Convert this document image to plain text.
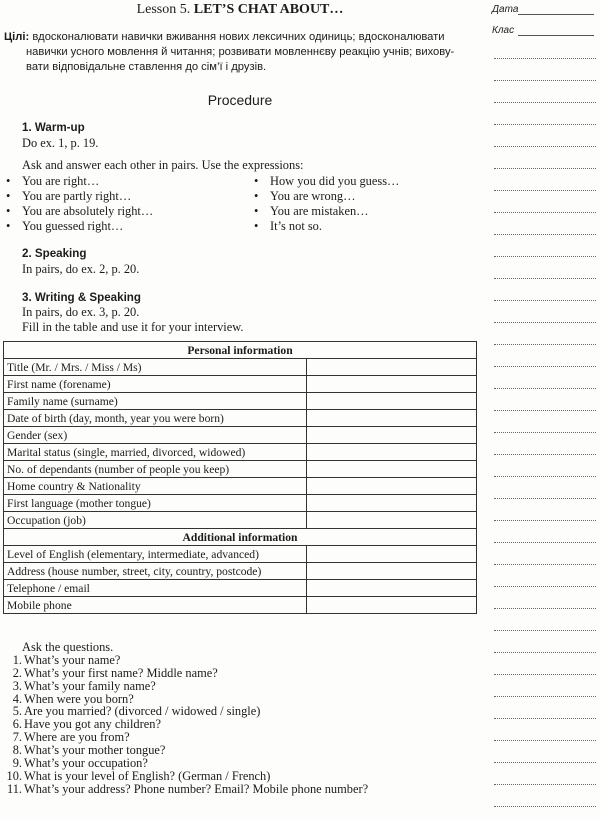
Lesson 5. LET’S CHAT ABOUT…
Цілі: вдосконалювати навички вживання нових лексичних одиниць; вдосконалювати
навички усного мовлення й читання; розвивати мовленнєву реакцію учнів; вихову-
вати відповідальне ставлення до сім’ї і друзів.
Procedure
1. Warm-up
Do ex. 1, p. 19.
Ask and answer each other in pairs. Use the expressions:
• You are right…
• You are partly right…
• You are absolutely right…
• You guessed right…
• How you did you guess…
• You are wrong…
• You are mistaken…
• It’s not so.
2. Speaking
In pairs, do ex. 2, p. 20.
3. Writing & Speaking
In pairs, do ex. 3, p. 20.
Fill in the table and use it for your interview.
Personal information	
Title (Mr. / Mrs. / Miss / Ms)	
First name (forename)	
Family name (surname)	
Date of birth (day, month, year you were born)	
Gender (sex)	
Marital status (single, married, divorced, widowed)	
No. of dependants (number of people you keep)	
Home country & Nationality	
First language (mother tongue)	
Occupation (job)	
Additional information	
Level of English (elementary, intermediate, advanced)	
Address (house number, street, city, country, postcode)	
Telephone / email	
Mobile phone	
Ask the questions.
1. What’s your name?
2. What’s your first name? Middle name?
3. What’s your family name?
4. When were you born?
5. Are you married? (divorced / widowed / single)
6. Have you got any children?
7. Where are you from?
8. What’s your mother tongue?
9. What’s your occupation?
10. What is your level of English? (German / French)
11. What’s your address? Phone number? Email? Mobile phone number?
Дата
Клас
